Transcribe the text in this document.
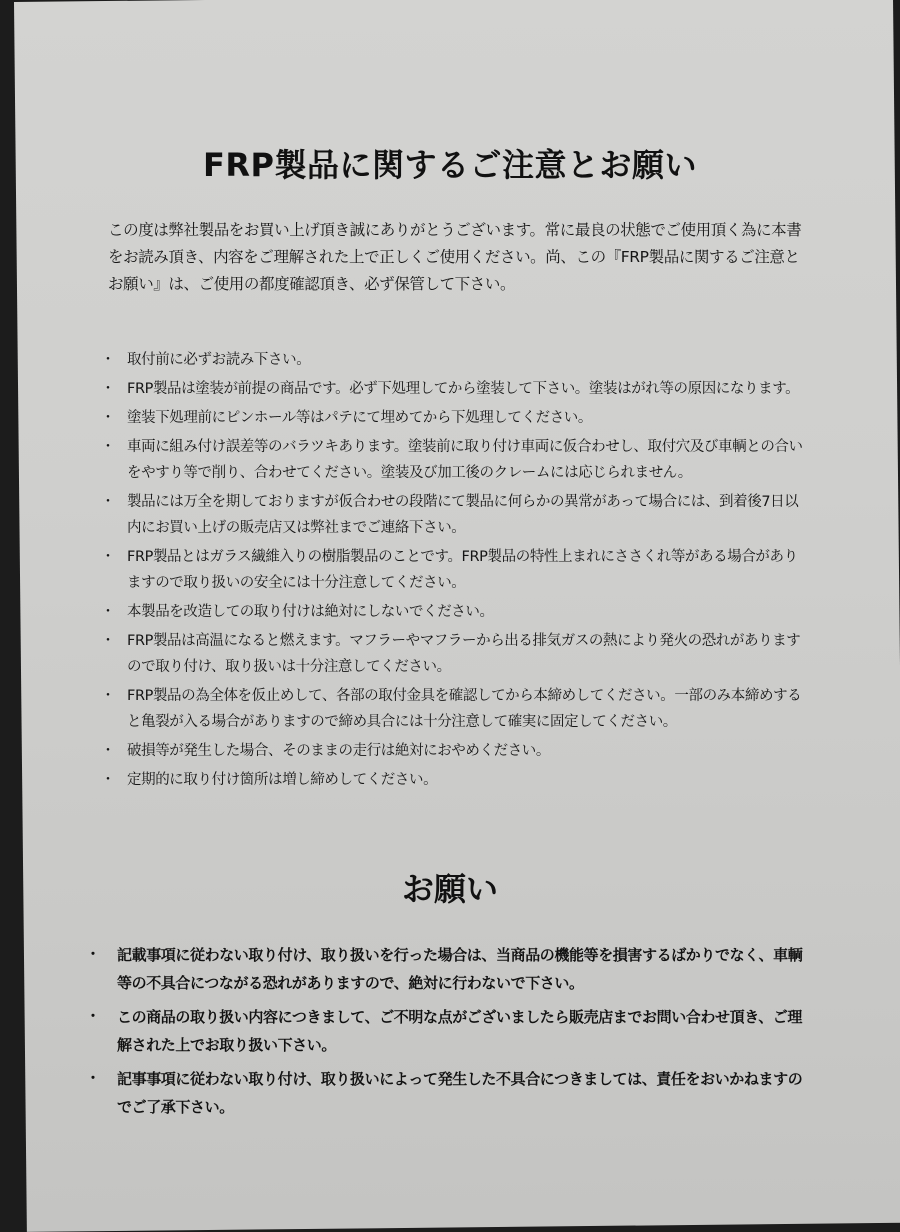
FRP製品に関するご注意とお願い

この度は弊社製品をお買い上げ頂き誠にありがとうございます。常に最良の状態でご使用頂く為に本書をお読み頂き、内容をご理解された上で正しくご使用ください。尚、この『FRP製品に関するご注意とお願い』は、ご使用の都度確認頂き、必ず保管して下さい。

・ 取付前に必ずお読み下さい。
・ FRP製品は塗装が前提の商品です。必ず下処理してから塗装して下さい。塗装はがれ等の原因になります。
・ 塗装下処理前にピンホール等はパテにて埋めてから下処理してください。
・ 車両に組み付け誤差等のバラツキあります。塗装前に取り付け車両に仮合わせし、取付穴及び車輌との合いをやすり等で削り、合わせてください。塗装及び加工後のクレームには応じられません。
・ 製品には万全を期しておりますが仮合わせの段階にて製品に何らかの異常があって場合には、到着後7日以内にお買い上げの販売店又は弊社までご連絡下さい。
・ FRP製品とはガラス繊維入りの樹脂製品のことです。FRP製品の特性上まれにささくれ等がある場合がありますので取り扱いの安全には十分注意してください。
・ 本製品を改造しての取り付けは絶対にしないでください。
・ FRP製品は高温になると燃えます。マフラーやマフラーから出る排気ガスの熱により発火の恐れがありますので取り付け、取り扱いは十分注意してください。
・ FRP製品の為全体を仮止めして、各部の取付金具を確認してから本締めしてください。一部のみ本締めすると亀裂が入る場合がありますので締め具合には十分注意して確実に固定してください。
・ 破損等が発生した場合、そのままの走行は絶対におやめください。
・ 定期的に取り付け箇所は増し締めしてください。
お願い
・ 記載事項に従わない取り付け、取り扱いを行った場合は、当商品の機能等を損害するばかりでなく、車輌等の不具合につながる恐れがありますので、絶対に行わないで下さい。
・ この商品の取り扱い内容につきまして、ご不明な点がございましたら販売店までお問い合わせ頂き、ご理解された上でお取り扱い下さい。
・ 記事事項に従わない取り付け、取り扱いによって発生した不具合につきましては、責任をおいかねますのでご了承下さい。
